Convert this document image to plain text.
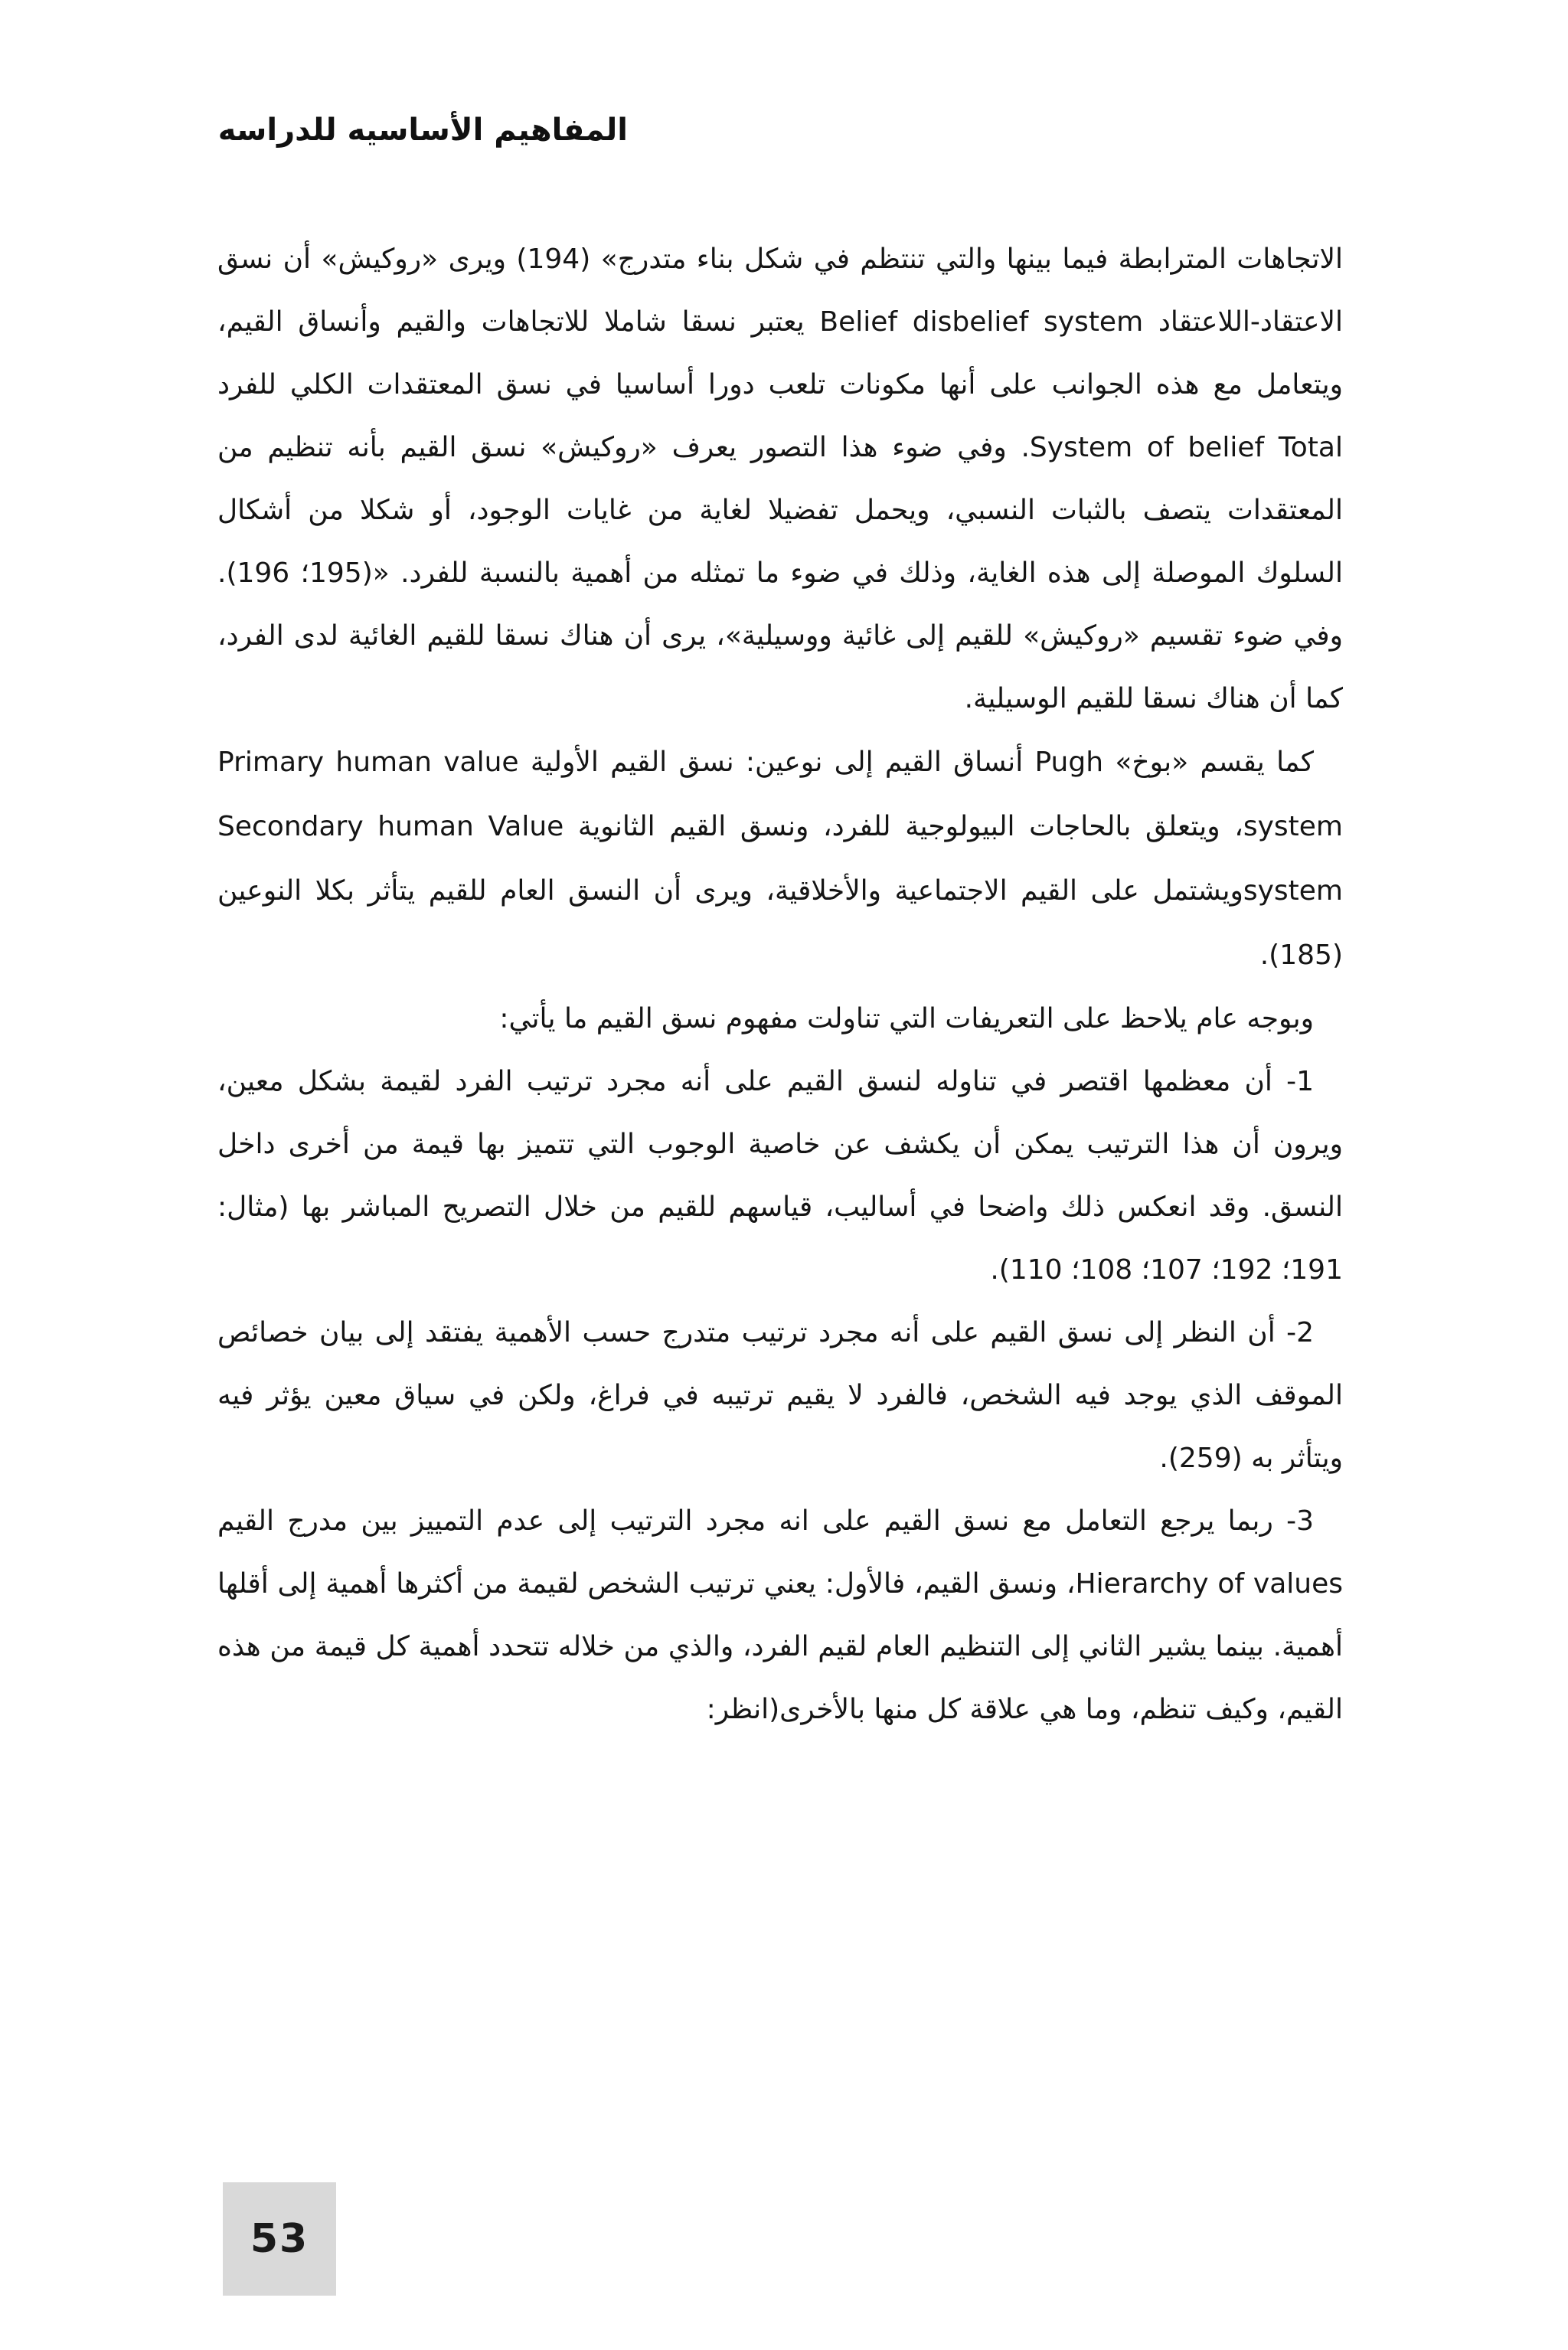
المفاهيم الأساسيه للدراسه

الاتجاهات المترابطة فيما بينها والتي تنتظم في شكل بناء متدرج» (194) ويرى «روكيش» أن نسق الاعتقاد-اللاعتقاد Belief disbelief system يعتبر نسقا شاملا للاتجاهات والقيم وأنساق القيم، ويتعامل مع هذه الجوانب على أنها مكونات تلعب دورا أساسيا في نسق المعتقدات الكلي للفرد System of belief Total. وفي ضوء هذا التصور يعرف «روكيش» نسق القيم بأنه تنظيم من المعتقدات يتصف بالثبات النسبي، ويحمل تفضيلا لغاية من غايات الوجود، أو شكلا من أشكال السلوك الموصلة إلى هذه الغاية، وذلك في ضوء ما تمثله من أهمية بالنسبة للفرد. «(195؛ 196). وفي ضوء تقسيم «روكيش» للقيم إلى غائية ووسيلية»، يرى أن هناك نسقا للقيم الغائية لدى الفرد، كما أن هناك نسقا للقيم الوسيلية.

كما يقسم «بوخ» Pugh أنساق القيم إلى نوعين: نسق القيم الأولية Primary human value system، ويتعلق بالحاجات البيولوجية للفرد، ونسق القيم الثانوية Secondary human Value systemويشتمل على القيم الاجتماعية والأخلاقية، ويرى أن النسق العام للقيم يتأثر بكلا النوعين (185).

وبوجه عام يلاحظ على التعريفات التي تناولت مفهوم نسق القيم ما يأتي:

1- أن معظمها اقتصر في تناوله لنسق القيم على أنه مجرد ترتيب الفرد لقيمة بشكل معين، ويرون أن هذا الترتيب يمكن أن يكشف عن خاصية الوجوب التي تتميز بها قيمة من أخرى داخل النسق. وقد انعكس ذلك واضحا في أساليب، قياسهم للقيم من خلال التصريح المباشر بها (مثال: 191؛ 192؛ 107؛ 108؛ 110).

2- أن النظر إلى نسق القيم على أنه مجرد ترتيب متدرج حسب الأهمية يفتقد إلى بيان خصائص الموقف الذي يوجد فيه الشخص، فالفرد لا يقيم ترتيبه في فراغ، ولكن في سياق معين يؤثر فيه ويتأثر به (259).

3- ربما يرجع التعامل مع نسق القيم على انه مجرد الترتيب إلى عدم التمييز بين مدرج القيم Hierarchy of values، ونسق القيم، فالأول: يعني ترتيب الشخص لقيمة من أكثرها أهمية إلى أقلها أهمية. بينما يشير الثاني إلى التنظيم العام لقيم الفرد، والذي من خلاله تتحدد أهمية كل قيمة من هذه القيم، وكيف تنظم، وما هي علاقة كل منها بالأخرى(انظر:

53
